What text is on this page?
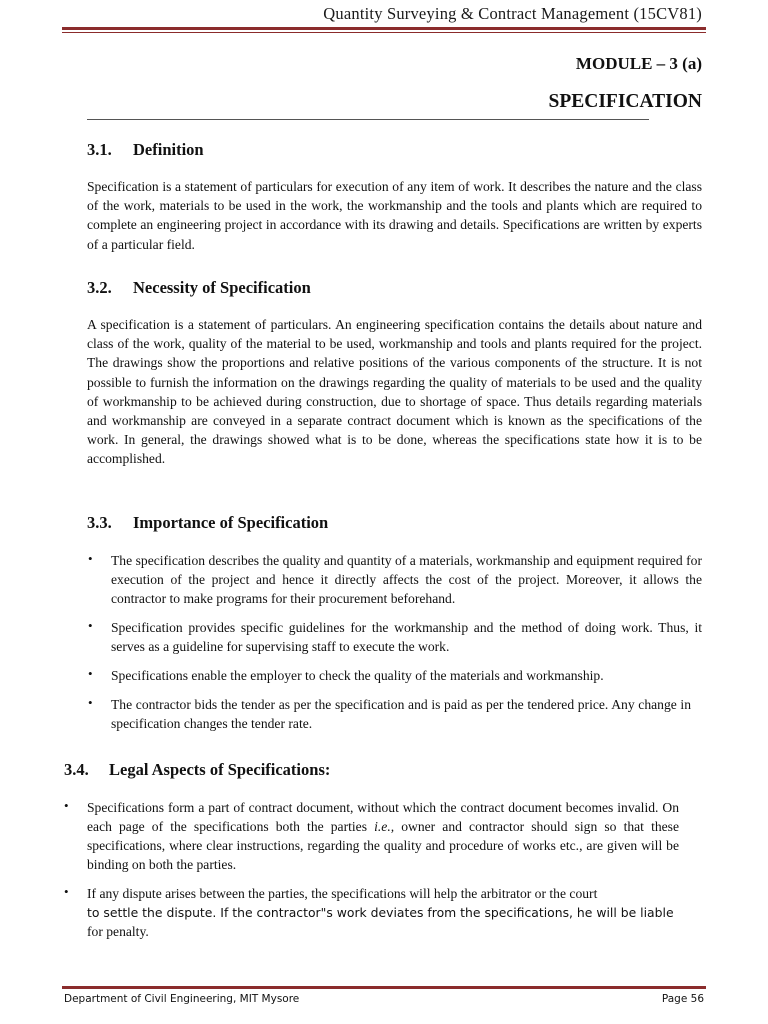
Quantity Surveying & Contract Management (15CV81)
MODULE – 3 (a)
SPECIFICATION
3.1. Definition

Specification is a statement of particulars for execution of any item of work. It describes the nature and the class of the work, materials to be used in the work, the workmanship and the tools and plants which are required to complete an engineering project in accordance with its drawing and details. Specifications are written by experts of a particular field.

3.2. Necessity of Specification

A specification is a statement of particulars. An engineering specification contains the details about nature and class of the work, quality of the material to be used, workmanship and tools and plants required for the project. The drawings show the proportions and relative positions of the various components of the structure. It is not possible to furnish the information on the drawings regarding the quality of materials to be used and the quality of workmanship to be achieved during construction, due to shortage of space. Thus details regarding materials and workmanship are conveyed in a separate contract document which is known as the specifications of the work. In general, the drawings showed what is to be done, whereas the specifications state how it is to be accomplished.

3.3. Importance of Specification
• The specification describes the quality and quantity of a materials, workmanship and equipment required for execution of the project and hence it directly affects the cost of the project. Moreover, it allows the contractor to make programs for their procurement beforehand.
• Specification provides specific guidelines for the workmanship and the method of doing work. Thus, it serves as a guideline for supervising staff to execute the work.
• Specifications enable the employer to check the quality of the materials and workmanship.
• The contractor bids the tender as per the specification and is paid as per the tendered price. Any change in specification changes the tender rate.
3.4. Legal Aspects of Specifications:
• Specifications form a part of contract document, without which the contract document becomes invalid. On each page of the specifications both the parties i.e., owner and contractor should sign so that these specifications, where clear instructions, regarding the quality and procedure of works etc., are given will be binding on both the parties.
• If any dispute arises between the parties, the specifications will help the arbitrator or the court
to settle the dispute. If the contractor"s work deviates from the specifications, he will be liable
for penalty.
Department of Civil Engineering, MIT Mysore	Page 56
